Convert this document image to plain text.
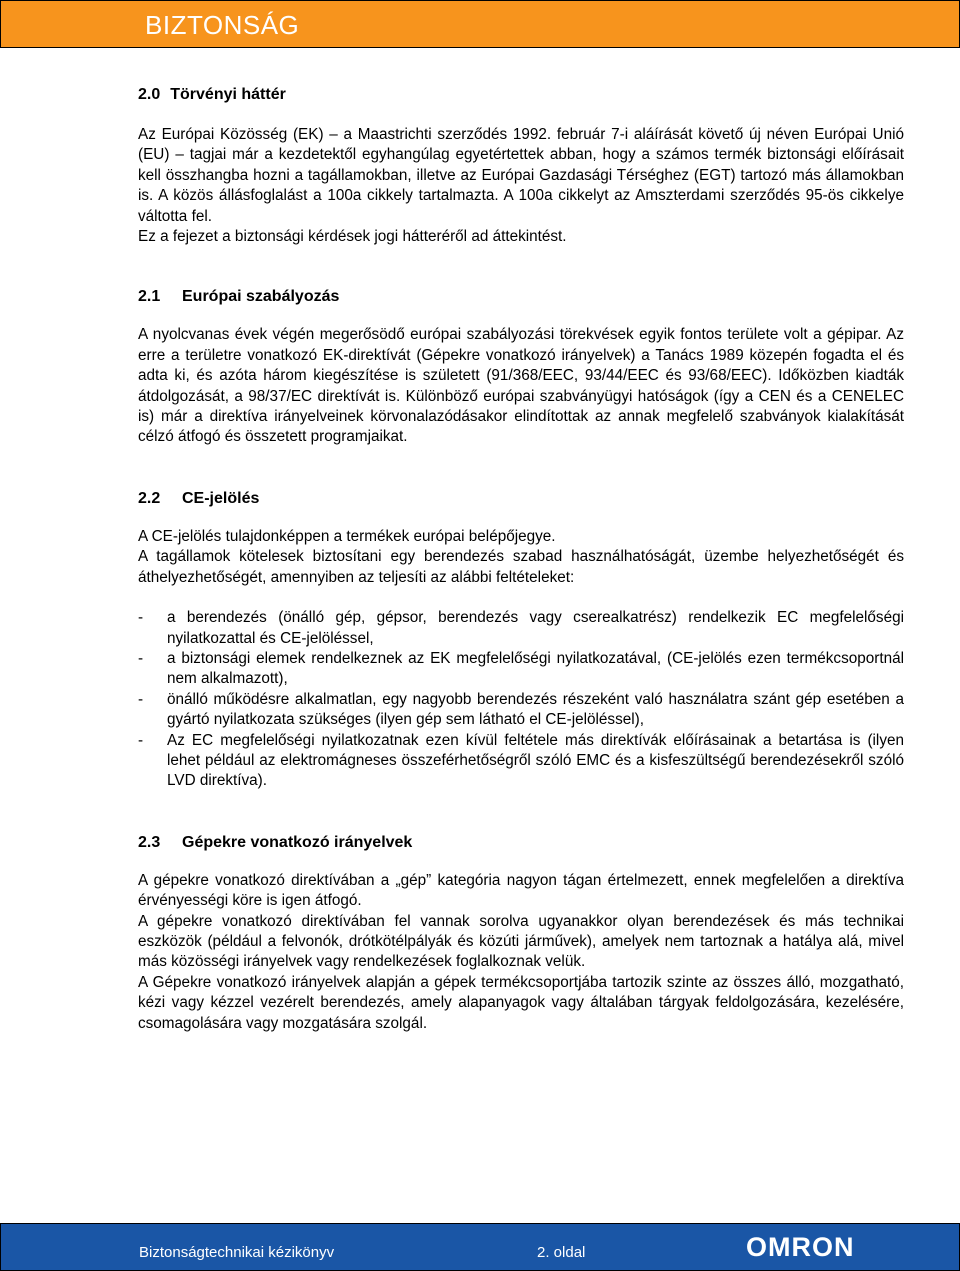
BIZTONSÁG
2.0 Törvényi háttér

Az Európai Közösség (EK) – a Maastrichti szerződés 1992. február 7-i aláírását követő új néven Európai Unió (EU) – tagjai már a kezdetektől egyhangúlag egyetértettek abban, hogy a számos termék biztonsági előírásait kell összhangba hozni a tagállamokban, illetve az Európai Gazdasági Térséghez (EGT) tartozó más államokban is. A közös állásfoglalást a 100a cikkely tartalmazta. A 100a cikkelyt az Amszterdami szerződés 95-ös cikkelye váltotta fel.

Ez a fejezet a biztonsági kérdések jogi hátteréről ad áttekintést.

2.1 Európai szabályozás

A nyolcvanas évek végén megerősödő európai szabályozási törekvések egyik fontos területe volt a gépipar. Az erre a területre vonatkozó EK-direktívát (Gépekre vonatkozó irányelvek) a Tanács 1989 közepén fogadta el és adta ki, és azóta három kiegészítése is született (91/368/EEC, 93/44/EEC és 93/68/EEC). Időközben kiadták átdolgozását, a 98/37/EC direktívát is. Különböző európai szabványügyi hatóságok (így a CEN és a CENELEC is) már a direktíva irányelveinek körvonalazódásakor elindítottak az annak megfelelő szabványok kialakítását célzó átfogó és összetett programjaikat.

2.2 CE-jelölés

A CE-jelölés tulajdonképpen a termékek európai belépőjegye.

A tagállamok kötelesek biztosítani egy berendezés szabad használhatóságát, üzembe helyezhetőségét és áthelyezhetőségét, amennyiben az teljesíti az alábbi feltételeket:

- a berendezés (önálló gép, gépsor, berendezés vagy cserealkatrész) rendelkezik EC megfelelőségi nyilatkozattal és CE-jelöléssel,
- a biztonsági elemek rendelkeznek az EK megfelelőségi nyilatkozatával, (CE-jelölés ezen termékcsoportnál nem alkalmazott),
- önálló működésre alkalmatlan, egy nagyobb berendezés részeként való használatra szánt gép esetében a gyártó nyilatkozata szükséges (ilyen gép sem látható el CE-jelöléssel),
- Az EC megfelelőségi nyilatkozatnak ezen kívül feltétele más direktívák előírásainak a betartása is (ilyen lehet például az elektromágneses összeférhetőségről szóló EMC és a kisfeszültségű berendezésekről szóló LVD direktíva).
2.3 Gépekre vonatkozó irányelvek

A gépekre vonatkozó direktívában a „gép” kategória nagyon tágan értelmezett, ennek megfelelően a direktíva érvényességi köre is igen átfogó.

A gépekre vonatkozó direktívában fel vannak sorolva ugyanakkor olyan berendezések és más technikai eszközök (például a felvonók, drótkötélpályák és közúti járművek), amelyek nem tartoznak a hatálya alá, mivel más közösségi irányelvek vagy rendelkezések foglalkoznak velük.

A Gépekre vonatkozó irányelvek alapján a gépek termékcsoportjába tartozik szinte az összes álló, mozgatható, kézi vagy kézzel vezérelt berendezés, amely alapanyagok vagy általában tárgyak feldolgozására, kezelésére, csomagolására vagy mozgatására szolgál.

Biztonságtechnikai kézikönyv	2. oldal	OMRON
